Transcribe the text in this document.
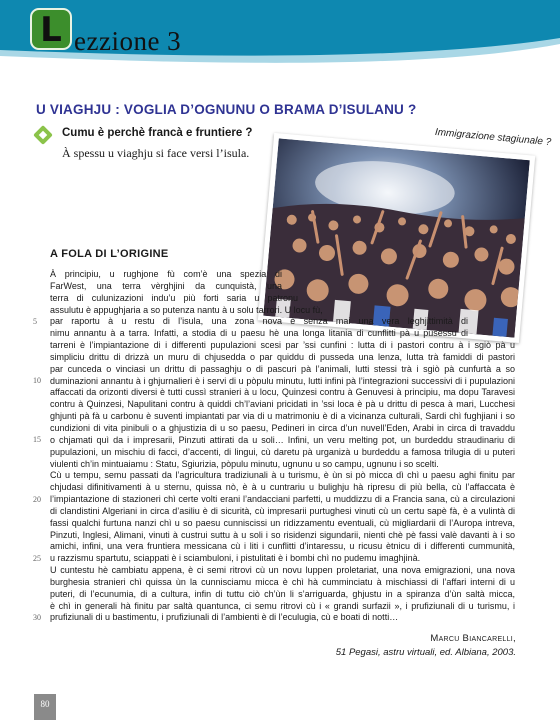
L ezzione 3
U VIAGHJU : VOGLIA D’OGNUNU O BRAMA D’ISULANU ?
Cumu è perchè francà e fruntiere ?
À spessu u viaghju si face versi l’isula.
Immigrazione stagiunale ?
A FOLA DI L’ORIGINE
À principiu, u rughjone fù com’è una spezia di
FarWest, una terra vèrghjini da cunquistà, una
terra di culunizazioni indu’u più forti saria u patronu
assulutu è appughjaria a so putenza nantu à u solu tarrori. U locu fù,
par raportu à u restu di l’isula, una zona nova è senza mai una vera leghjittimità di
nimu annantu à a tarra. Infatti, a stodia di u paesu hè una longa litania di cunflitti pà u pusessu di
tarreni è l’impiantazione di i differenti pupulazioni scesi par ’ssi cunfini : lutta di i pastori contru à i sgiò pà u
simpliciu drittu di drizzà un muru di chjusedda o par quiddu di pusseda una lenza, lutta trà famiddi di pastori
par cunceda o vinciasi un drittu di passaghju o di pascuri pà l’animali, lutti stessi trà i sgiò pà cunfurtà a so
duminazioni annantu à i ghjurnalieri è i servi di u pòpulu minutu, lutti infini pà l’integrazioni successivi di i pupulazioni
affaccati da orizonti diversi è tutti cussì stranieri à u locu, Quinzesi contru à Genuvesi à principiu, ma dopu Taravesi
contru à Quinzesi, Napulitani contru à quiddi ch’l’aviani pricidati in ’ssi loca è pà u drittu di pesca à mari, Lucchesi
ghjunti pà fà u carbonu è suventi impiantati par via di u matrimoniu è di a vicinanza culturali, Sardi chì fughjiani i so
cundizioni di vita pinibuli o a ghjustizia di u so paesu, Pedineri in circa d’un nuvell’Eden, Arabi in circa di travaddu
o chjamati quì da i impresarii, Pinzuti attirati da u soli… Infini, un veru melting pot, un burdeddu straudinariu di
pupulazioni, un mischiu di facci, d’accenti, di lingui, cù daretu pà urganizà u burdeddu a famosa trilugia di u puteri
viulenti ch’in mintuaiamu : Statu, Sgiurizia, pòpulu minutu, ugnunu u so campu, ugnunu i so scelti.
Cù u tempu, semu passati da l’agricultura tradiziunali à u turismu, è ùn si pò micca dì chì u paesu aghi finitu par
chjudasi difinitivamenti à u sternu, quissa nò, è à u cuntrariu u bulighju hà ripresu di più bella, cù l’affaccata è
l’impiantazione di stazioneri chì certe volti erani l’andacciani parfetti, u muddizzu di a Francia sana, cù a circulazioni
di clandistini Algeriani in circa d’asiliu è di sicurità, cù impresarii purtughesi vinuti cù un certu sapè fà, è a vulintà di
fassi qualchi furtuna nanzi chì u so paesu cunniscissi un ridizzamentu eventuali, cù migliardarii di l’Auropa intreva,
Pinzuti, Inglesi, Alimani, vinuti à custrui suttu à u soli i so risidenzi sigundarii, nienti chè pè fassi valè davanti à i so
amichi, infini, una vera fruntiera messicana cù i liti i cunflitti d’intaressu, u ricusu ètnicu di i differenti cummunità,
u razzismu spartutu, sciappati è i sciambuloni, i pistulitati è i bombi chì no pudemu imaghjinà.
U cuntestu hè cambiatu appena, è ci semi ritrovi cù un novu luppen proletariat, una nova emigrazioni, una nova
burghesia stranieri chì quissa ùn la cunnisciamu micca è chì hà cumminciatu à mischiassi di l’affari interni di u
puteri, di l’ecunumia, di a cultura, infin di tuttu ciò ch’ùn li s’arriguarda, ghjustu in a spiranza d’ùn saltà micca,
è chì in generali hà finitu par saltà quantunca, ci semu ritrovi cù i « grandi surfazii », i prufiziunali di u turismu, i
prufiziunali di u bastimentu, i prufiziunali di l’ambienti è di l’eculugia, cù e boati di notti…
5
10
15
20
25
30
Marcu Biancarelli,
51 Pegasi, astru virtuali, ed. Albiana, 2003.
80
